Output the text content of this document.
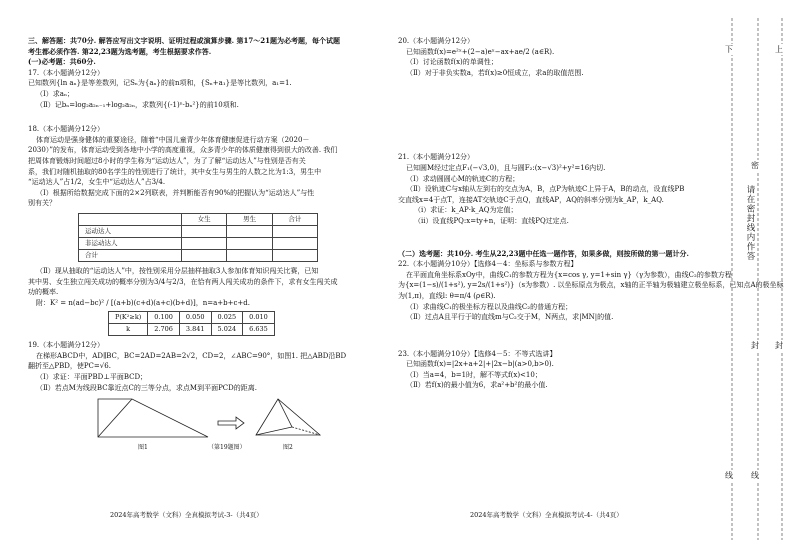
三、解答题：共70分. 解答应写出文字说明、证明过程或演算步骤. 第17～21题为必考题，每个试题

考生都必须作答. 第22,23题为选考题，考生根据要求作答.

(一)必考题：共60分.

17.（本小题满分12分）

已知数列{ln aₙ}是等差数列，记Sₙ为{aₙ}的前n项和，{Sₙ+a₁}是等比数列，a₁=1.

（Ⅰ）求aₙ；

（Ⅱ）记bₙ=log₂a₂ₙ₋₁+log₂a₂ₙ，求数列{(-1)ⁿ·bₙ²}的前10项和.

18.（本小题满分12分）

体育运动是强身健体的重要途径，随着“中国儿童青少年体育健康促进行动方案（2020－

2030）”的发布，体育运动受到各地中小学的高度重视，众多青少年的体质健康得到很大的改善. 我们

把周体育锻炼时间超过8小时的学生称为“运动达人”，为了了解“运动达人”与性别是否有关

系，我们对随机抽取的80名学生的性别进行了统计，其中女生与男生的人数之比为1:3，男生中

“运动达人”占1/2，女生中“运动达人”占3/4.

（Ⅰ）根据所给数据完成下面的2×2列联表，并判断能否有90%的把握认为“运动达人”与性

别有关？

	女生	男生	合计
运动达人			
非运动达人			
合计			

（Ⅱ）现从抽取的“运动达人”中，按性别采用分层抽样抽取3人参加体育知识闯关比赛，已知

其中男、女生独立闯关成功的概率分别为3/4与2/3，在恰有两人闯关成功的条件下，求有女生闯关成

功的概率.

附：K² = n(ad−bc)² / [(a+b)(c+d)(a+c)(b+d)]，n=a+b+c+d.

P(K²≥k)	0.100	0.050	0.025	0.010
k	2.706	3.841	5.024	6.635

19.（本小题满分12分）

在梯形ABCD中，AD∥BC，BC=2AD=2AB=2√2，CD=2，∠ABC=90°，如图1. 把△ABD沿BD

翻折至△PBD，使PC=√6.

（Ⅰ）求证：平面PBD⊥平面BCD；

（Ⅱ）若点M为线段BC靠近点C的三等分点，求点M到平面PCD的距离.

图1	（第19题图）	图2
2024年高考数学（文科）全真模拟考试-3-（共4页）

20.（本小题满分12分）

已知函数f(x)=e²ˣ+(2−a)eˣ−ax+ae/2 (a∈R).

（Ⅰ）讨论函数f(x)的单调性；

（Ⅱ）对于非负实数a，若f(x)≥0恒成立，求a的取值范围.

21.（本小题满分12分）

已知圆M经过定点F₁(−√3,0)，且与圆F₂:(x−√3)²+y²=16内切.

（Ⅰ）求动圆圆心M的轨迹C的方程；

（Ⅱ）设轨迹C与x轴从左到右的交点为A，B，点P为轨迹C上异于A，B的动点，设直线PB

交直线x=4于点T，连接AT交轨迹C于点Q，直线AP，AQ的斜率分别为k_AP，k_AQ.

（ⅰ）求证：k_AP·k_AQ为定值；

（ⅱ）设直线PQ:x=ty+n，证明：直线PQ过定点.

（二）选考题：共10分. 考生从22,23题中任选一题作答，如果多做，则按所做的第一题计分.

22.（本小题满分10分）【选修4－4：坐标系与参数方程】

在平面直角坐标系xOy中，曲线C₁的参数方程为{x=cos γ, y=1+sin γ}（γ为参数），曲线C₂的参数方程

为{x=(1−s)/(1+s²), y=2s/(1+s²)}（s为参数）. 以坐标原点为极点，x轴的正半轴为极轴建立极坐标系，已知点A的极坐标

为(1,π)，直线l: θ=π/4 (ρ∈R).

（Ⅰ）求曲线C₁的极坐标方程以及曲线C₂的普通方程；

（Ⅱ）过点A且平行于l的直线m与C₂交于M，N两点，求|MN|的值.

23.（本小题满分10分）【选修4－5：不等式选讲】

已知函数f(x)=|2x+a+2|+|2x−b|(a>0,b>0).

（Ⅰ）当a=4，b=1时，解不等式f(x)<10；

（Ⅱ）若f(x)的最小值为6，求a²+b²的最小值.

2024年高考数学（文科）全真模拟考试-4-（共4页）
下	上
密
封 封
线
线
请在密封线内作答
